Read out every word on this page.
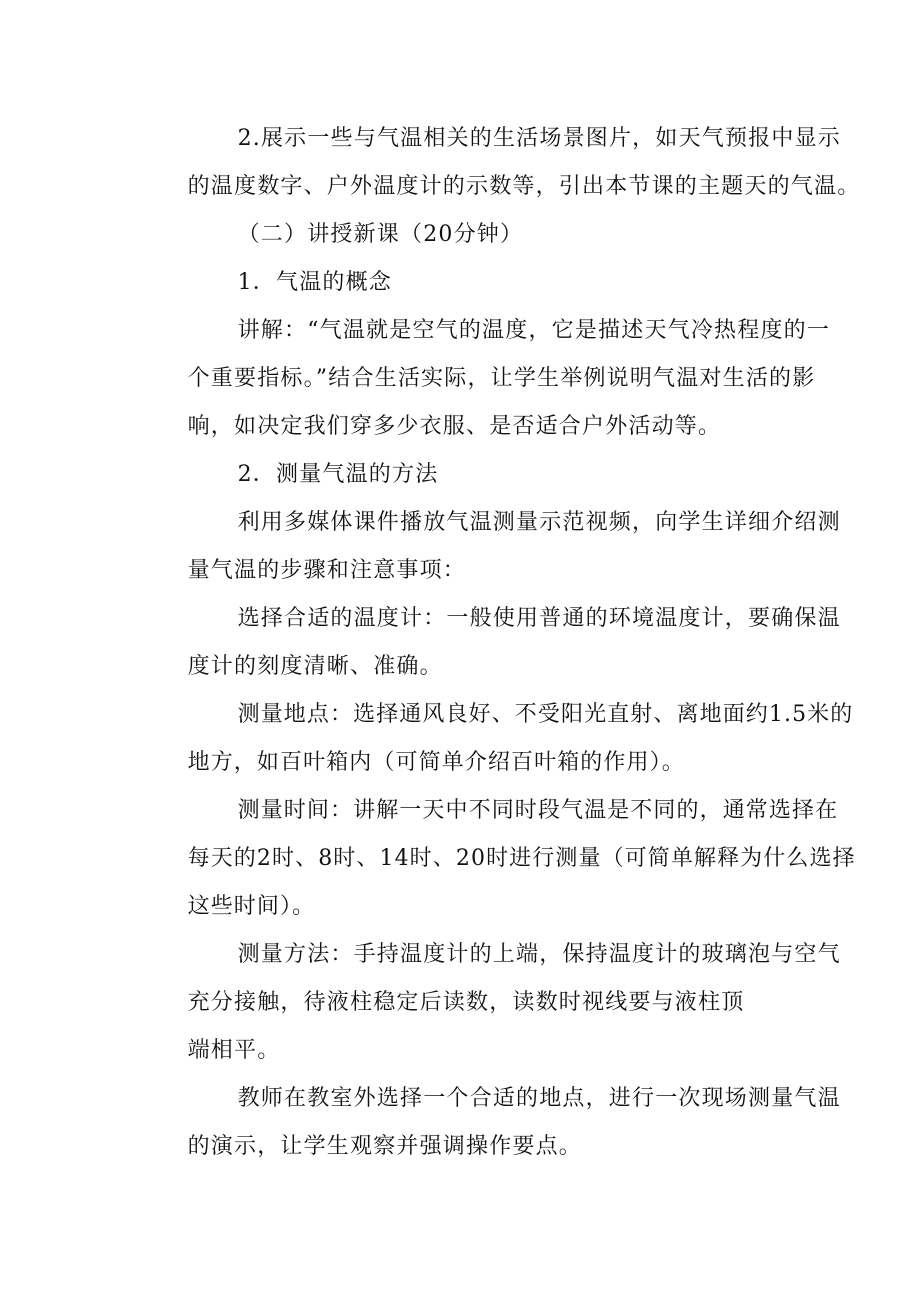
2.展示一些与气温相关的生活场景图片，如天气预报中显示
的温度数字、户外温度计的示数等，引出本节课的主题天的气温。
（二）讲授新课（20分钟）
1．气温的概念
讲解：“气温就是空气的温度，它是描述天气冷热程度的一
个重要指标。”结合生活实际，让学生举例说明气温对生活的影
响，如决定我们穿多少衣服、是否适合户外活动等。
2．测量气温的方法
利用多媒体课件播放气温测量示范视频，向学生详细介绍测
量气温的步骤和注意事项：
选择合适的温度计：一般使用普通的环境温度计，要确保温
度计的刻度清晰、准确。
测量地点：选择通风良好、不受阳光直射、离地面约1.5米的
地方，如百叶箱内（可简单介绍百叶箱的作用）。
测量时间：讲解一天中不同时段气温是不同的，通常选择在
每天的2时、8时、14时、20时进行测量（可简单解释为什么选择
这些时间）。
测量方法：手持温度计的上端，保持温度计的玻璃泡与空气
充分接触，待液柱稳定后读数，读数时视线要与液柱顶
端相平。
教师在教室外选择一个合适的地点，进行一次现场测量气温
的演示，让学生观察并强调操作要点。
